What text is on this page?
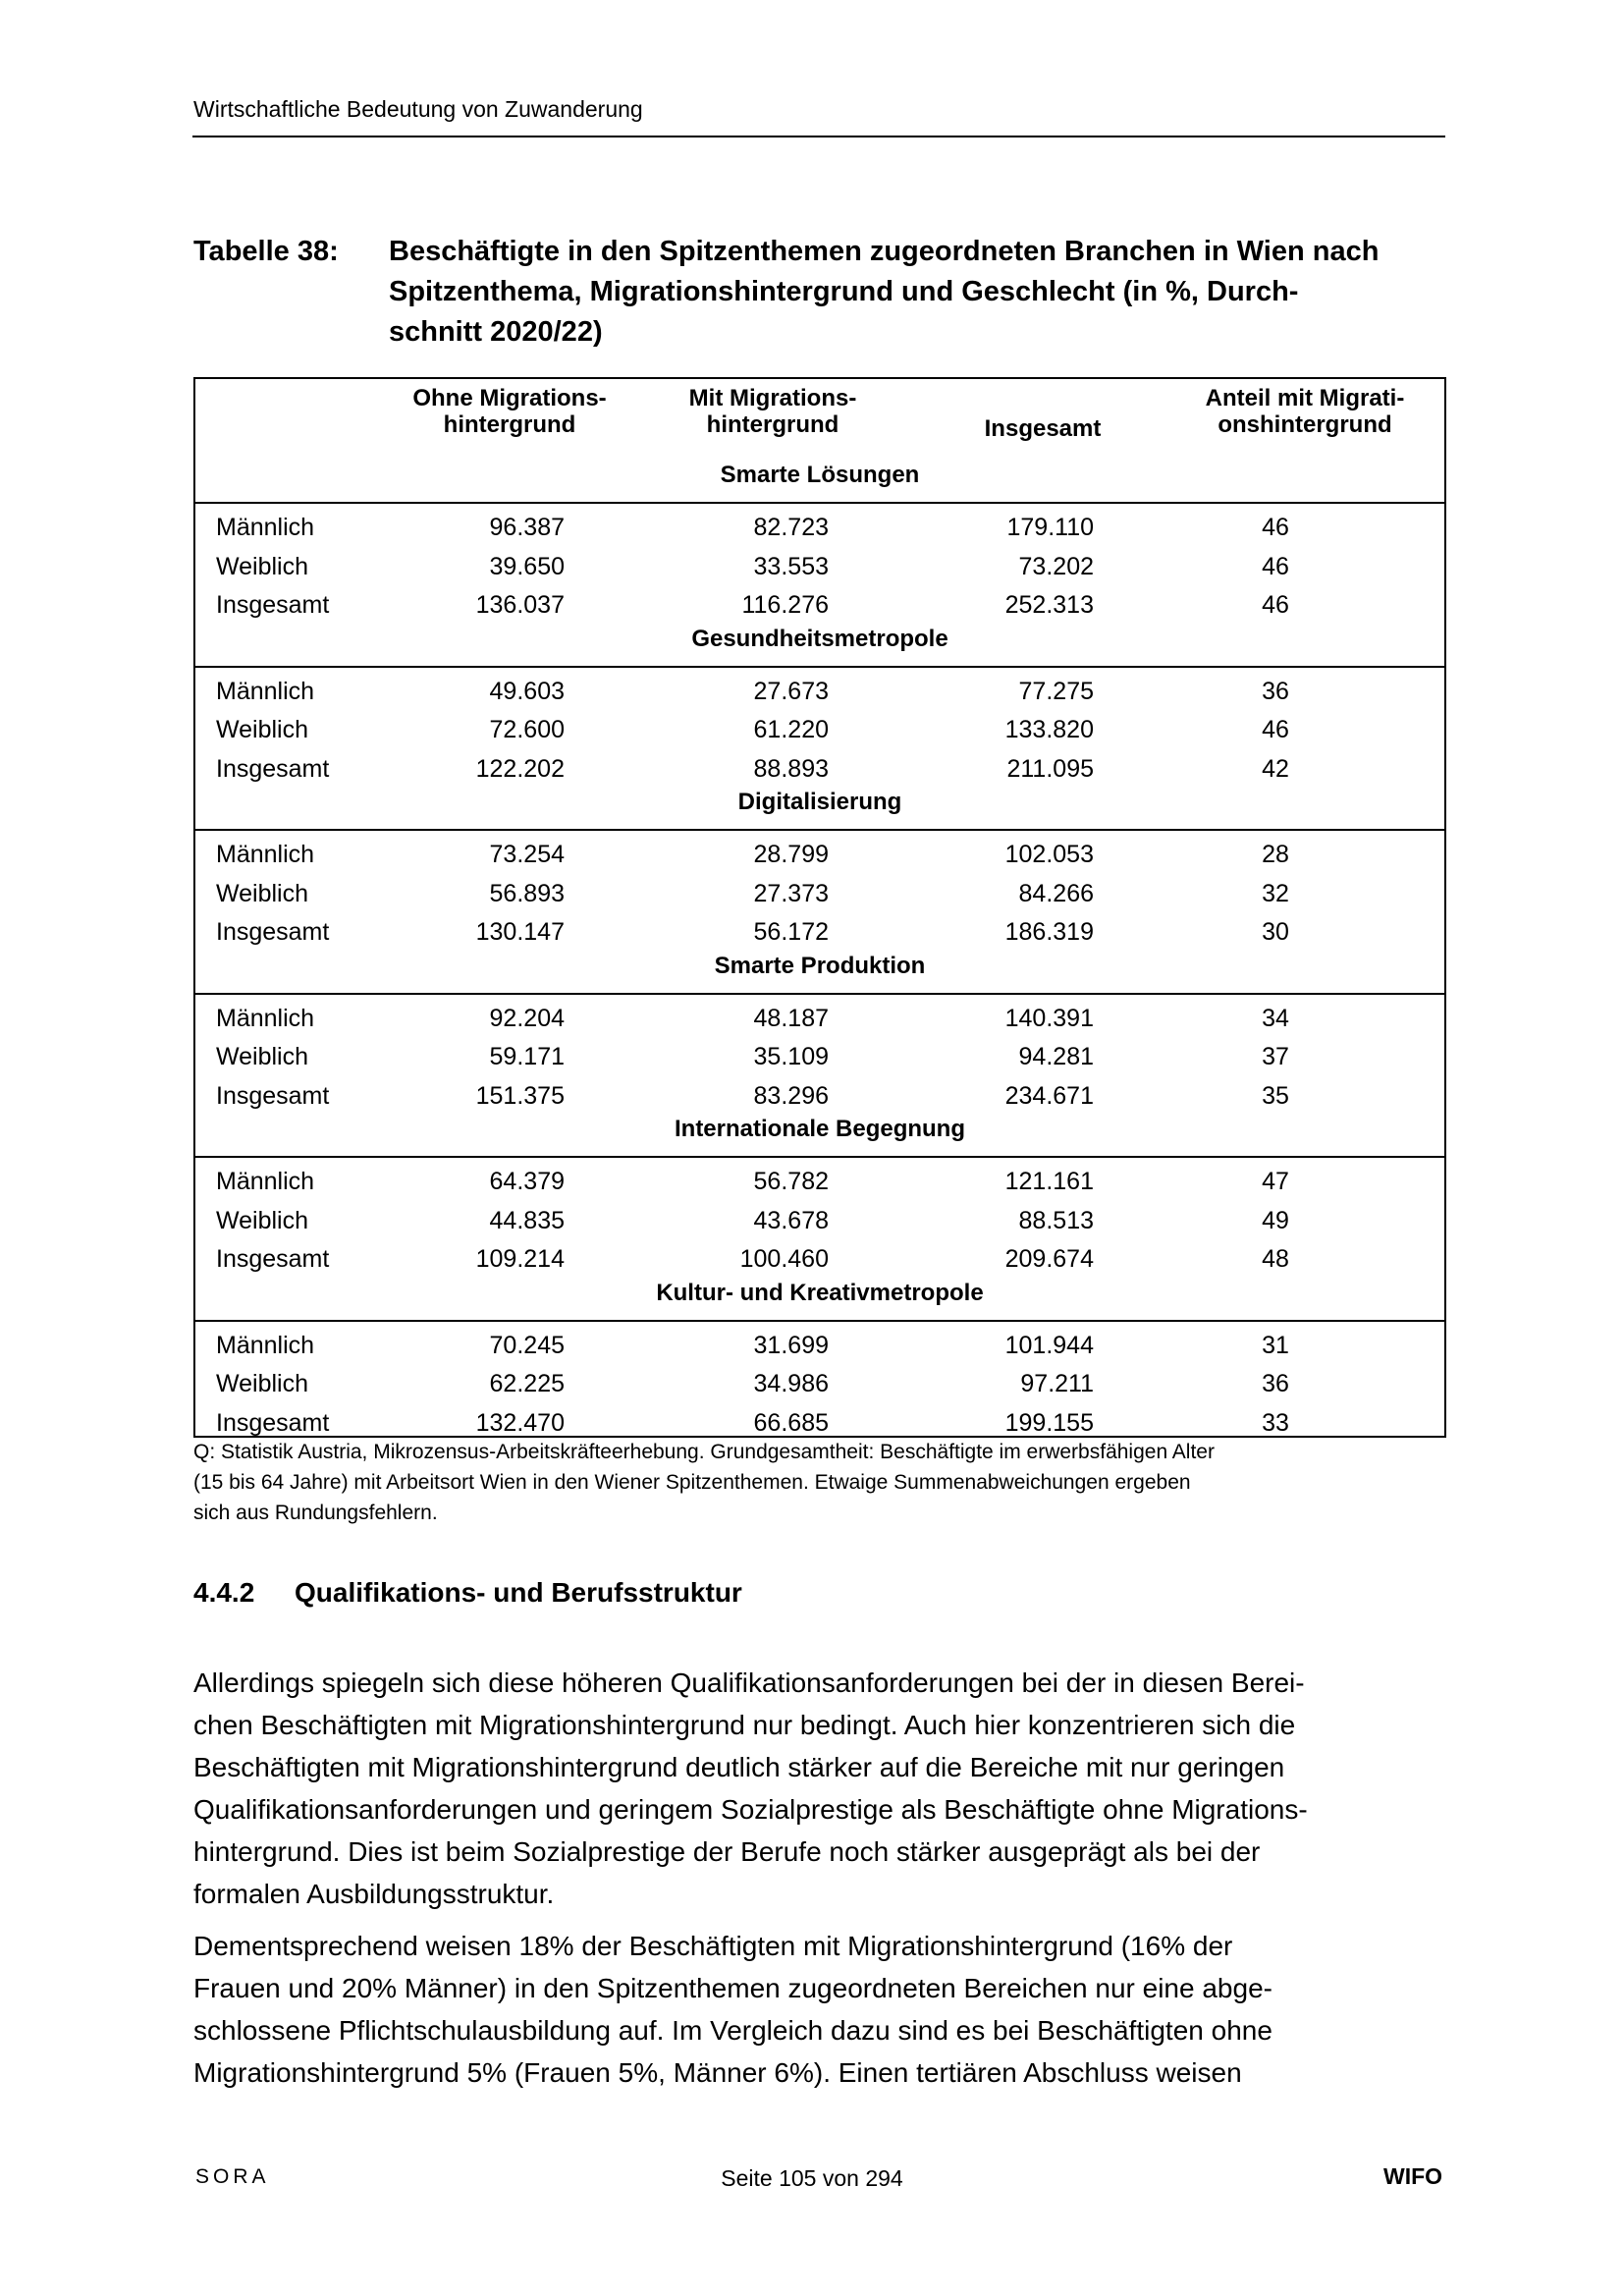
Wirtschaftliche Bedeutung von Zuwanderung
Tabelle 38: Beschäftigte in den Spitzenthemen zugeordneten Branchen in Wien nach
Spitzenthema, Migrationshintergrund und Geschlecht (in %, Durch-
schnitt 2020/22)
Ohne Migrations-
hintergrund
Mit Migrations-
hintergrund	Insgesamt
Anteil mit Migrati-
onshintergrund
Smarte Lösungen
Männlich	96.387	82.723	179.110	46
Weiblich	39.650	33.553	73.202	46
Insgesamt	136.037	116.276	252.313	46
Gesundheitsmetropole
Männlich	49.603	27.673	77.275	36
Weiblich	72.600	61.220	133.820	46
Insgesamt	122.202	88.893	211.095	42
Digitalisierung
Männlich	73.254	28.799	102.053	28
Weiblich	56.893	27.373	84.266	32
Insgesamt	130.147	56.172	186.319	30
Smarte Produktion
Männlich	92.204	48.187	140.391	34
Weiblich	59.171	35.109	94.281	37
Insgesamt	151.375	83.296	234.671	35
Internationale Begegnung
Männlich	64.379	56.782	121.161	47
Weiblich	44.835	43.678	88.513	49
Insgesamt	109.214	100.460	209.674	48
Kultur- und Kreativmetropole
Männlich	70.245	31.699	101.944	31
Weiblich	62.225	34.986	97.211	36
Insgesamt	132.470	66.685	199.155	33
Q: Statistik Austria, Mikrozensus-Arbeitskräfteerhebung. Grundgesamtheit: Beschäftigte im erwerbsfähigen Alter
(15 bis 64 Jahre) mit Arbeitsort Wien in den Wiener Spitzenthemen. Etwaige Summenabweichungen ergeben
sich aus Rundungsfehlern.
4.4.2 Qualifikations- und Berufsstruktur
Allerdings spiegeln sich diese höheren Qualifikationsanforderungen bei der in diesen Berei-
chen Beschäftigten mit Migrationshintergrund nur bedingt. Auch hier konzentrieren sich die
Beschäftigten mit Migrationshintergrund deutlich stärker auf die Bereiche mit nur geringen
Qualifikationsanforderungen und geringem Sozialprestige als Beschäftigte ohne Migrations-
hintergrund. Dies ist beim Sozialprestige der Berufe noch stärker ausgeprägt als bei der
formalen Ausbildungsstruktur.
Dementsprechend weisen 18% der Beschäftigten mit Migrationshintergrund (16% der
Frauen und 20% Männer) in den Spitzenthemen zugeordneten Bereichen nur eine abge-
schlossene Pflichtschulausbildung auf. Im Vergleich dazu sind es bei Beschäftigten ohne
Migrationshintergrund 5% (Frauen 5%, Männer 6%). Einen tertiären Abschluss weisen
SORA	Seite 105 von 294	WIFO
